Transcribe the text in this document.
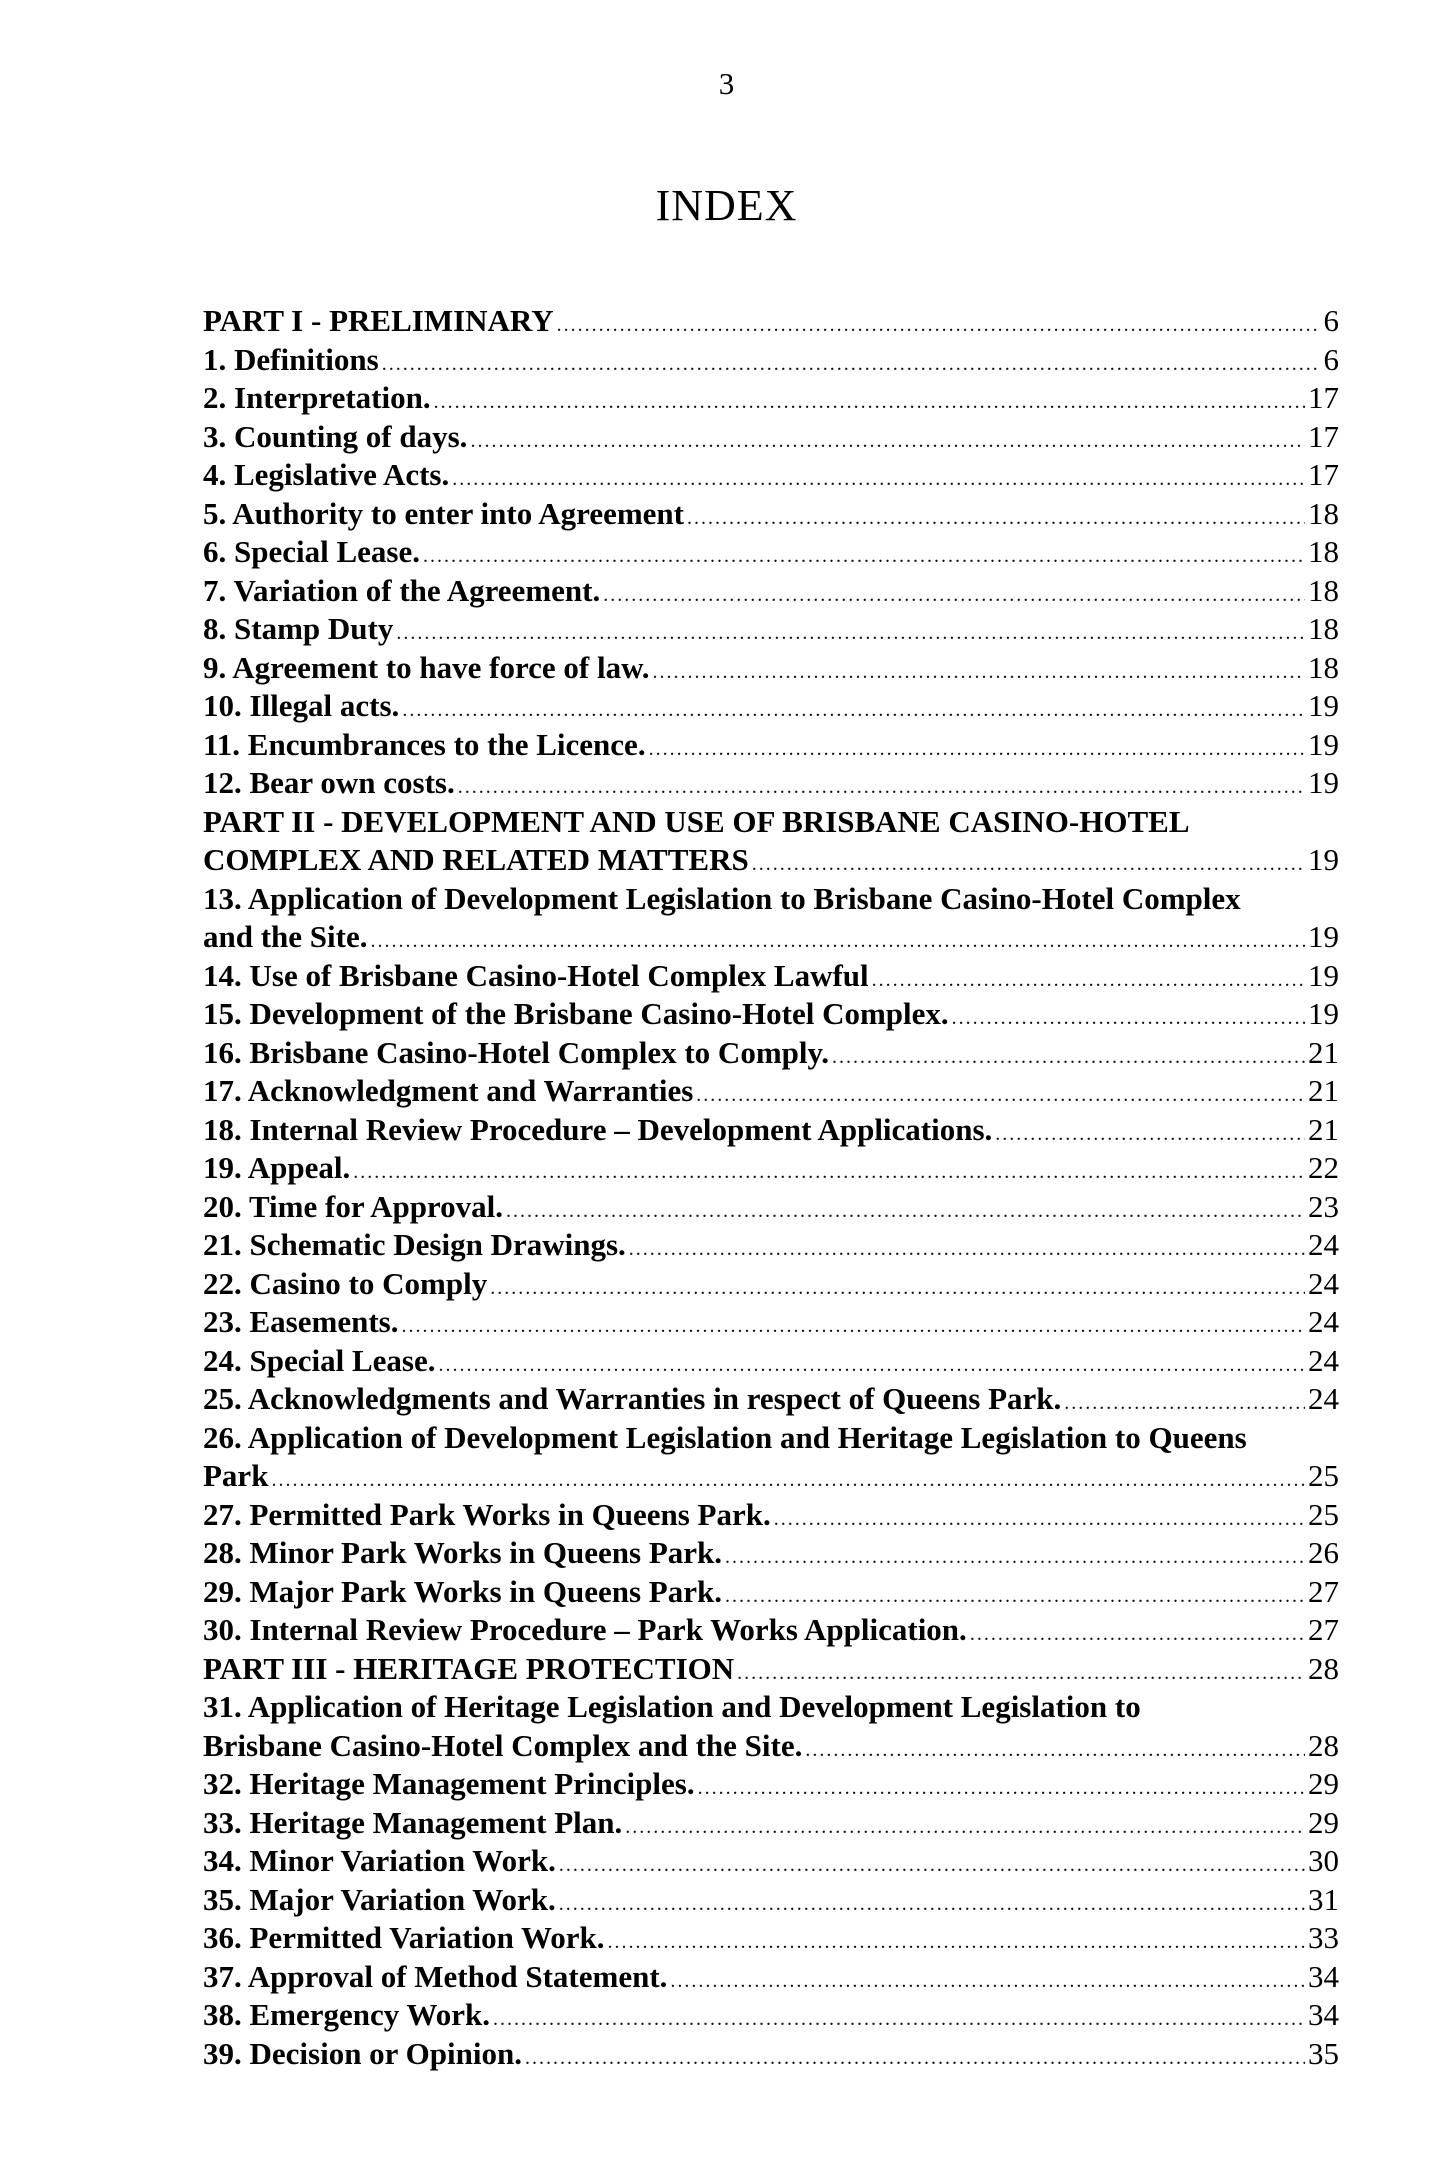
3
INDEX
PART I - PRELIMINARY .....	6
1. Definitions .....	6
2. Interpretation. .....	17
3. Counting of days. .....	17
4. Legislative Acts. .....	17
5. Authority to enter into Agreement .....	18
6. Special Lease. .....	18
7. Variation of the Agreement. .....	18
8. Stamp Duty .....	18
9. Agreement to have force of law. .....	18
10. Illegal acts. .....	19
11. Encumbrances to the Licence. .....	19
12. Bear own costs. .....	19
PART II - DEVELOPMENT AND USE OF BRISBANE CASINO-HOTEL
COMPLEX AND RELATED MATTERS .....	19
13. Application of Development Legislation to Brisbane Casino-Hotel Complex
and the Site. .....	19
14. Use of Brisbane Casino-Hotel Complex Lawful .....	19
15. Development of the Brisbane Casino-Hotel Complex. .....	19
16. Brisbane Casino-Hotel Complex to Comply. .....	21
17. Acknowledgment and Warranties .....	21
18. Internal Review Procedure – Development Applications. .....	21
19. Appeal. .....	22
20. Time for Approval. .....	23
21. Schematic Design Drawings. .....	24
22. Casino to Comply .....	24
23. Easements. .....	24
24. Special Lease. .....	24
25. Acknowledgments and Warranties in respect of Queens Park. .....	24
26. Application of Development Legislation and Heritage Legislation to Queens
Park .....	25
27. Permitted Park Works in Queens Park. .....	25
28. Minor Park Works in Queens Park. .....	26
29. Major Park Works in Queens Park. .....	27
30. Internal Review Procedure – Park Works Application. .....	27
PART III - HERITAGE PROTECTION .....	28
31. Application of Heritage Legislation and Development Legislation to
Brisbane Casino-Hotel Complex and the Site. .....	28
32. Heritage Management Principles. .....	29
33. Heritage Management Plan. .....	29
34. Minor Variation Work. .....	30
35. Major Variation Work. .....	31
36. Permitted Variation Work. .....	33
37. Approval of Method Statement. .....	34
38. Emergency Work. .....	34
39. Decision or Opinion. .....	35
